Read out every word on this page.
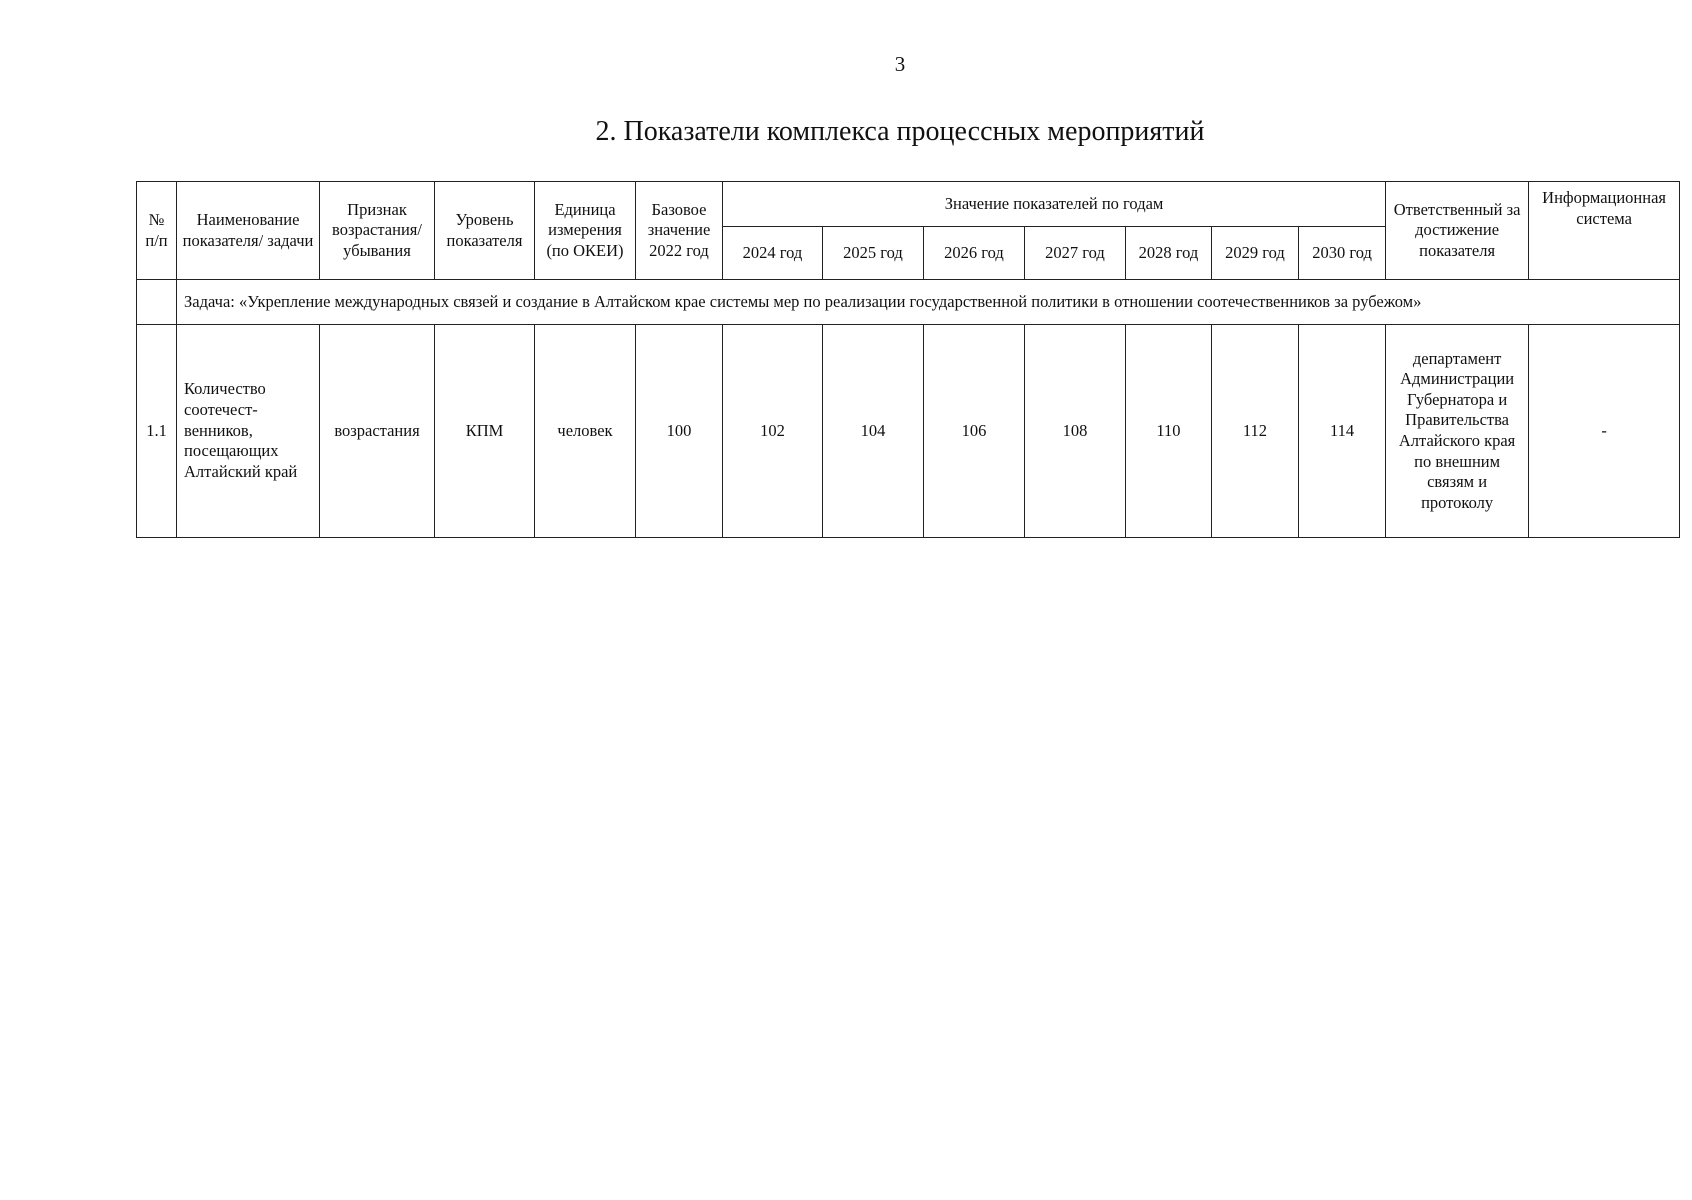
3
2. Показатели комплекса процессных мероприятий
№ п/п	Наименование показателя/ задачи	Признак возрастания/ убывания	Уровень показателя	Единица измерения (по ОКЕИ)	Базовое значение 2022 год	Значение показателей по годам							Ответственный за достижение показателя	Информационная система
						2024 год	2025 год	2026 год	2027 год	2028 год	2029 год	2030 год		
	Задача: «Укрепление международных связей и создание в Алтайском крае системы мер по реализации государственной политики в отношении соотечественников за рубежом»													
1.1	Количество соотечест-венников, посещающих Алтайский край	возрастания	КПМ	человек	100	102	104	106	108	110	112	114	департамент Администрации Губернатора и Правительства Алтайского края по внешним связям и протоколу	-
